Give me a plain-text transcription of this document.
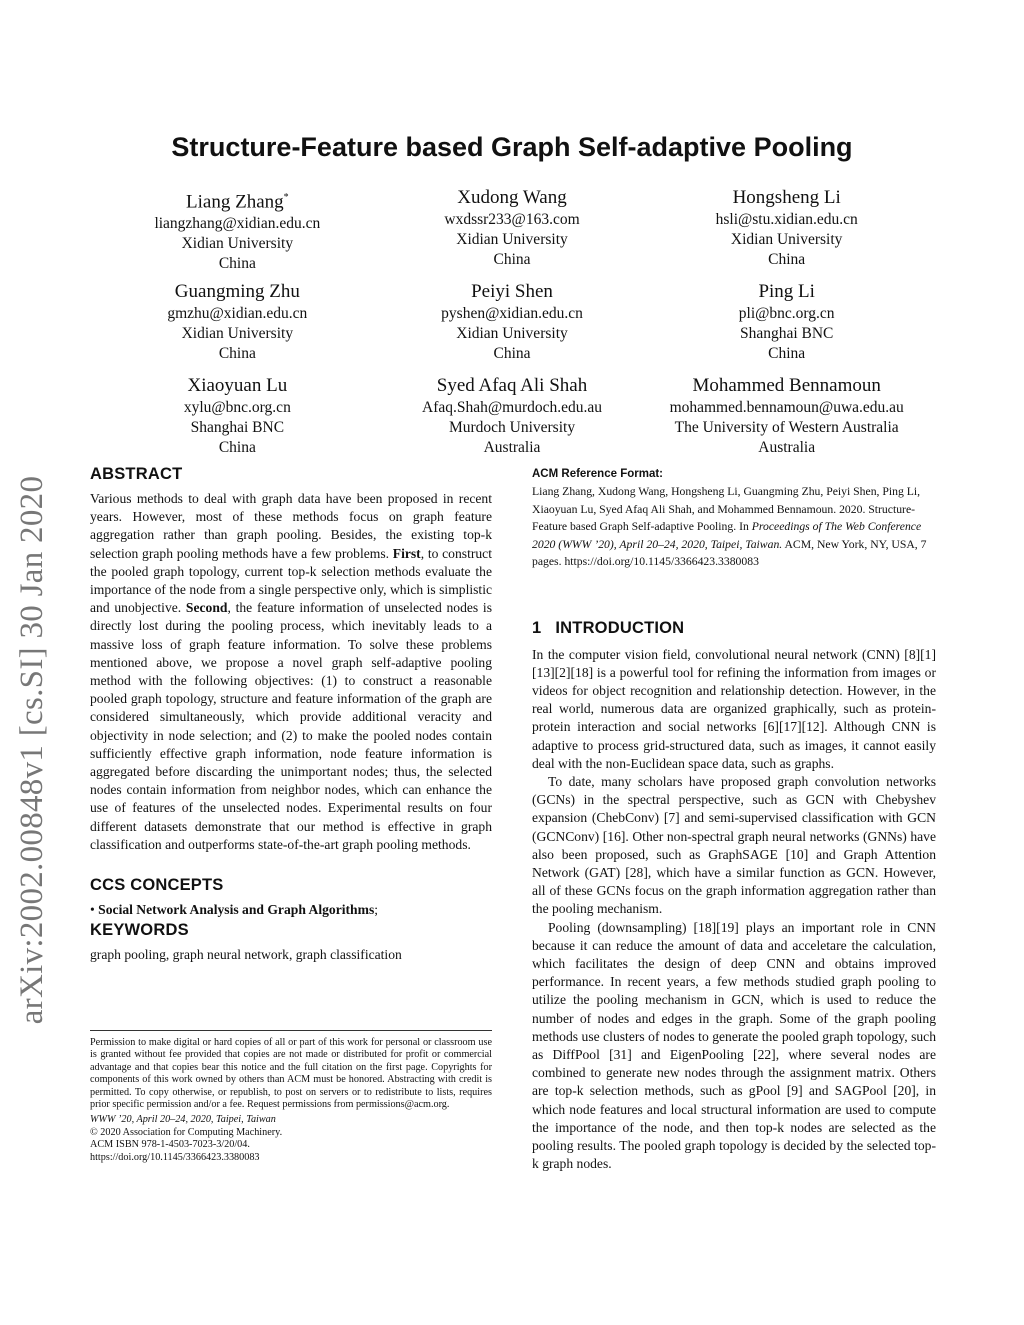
arXiv:2002.00848v1 [cs.SI] 30 Jan 2020
Structure-Feature based Graph Self-adaptive Pooling
Liang Zhang*
liangzhang@xidian.edu.cn
Xidian University
China
Xudong Wang
wxdssr233@163.com
Xidian University
China
Hongsheng Li
hsli@stu.xidian.edu.cn
Xidian University
China
Guangming Zhu
gmzhu@xidian.edu.cn
Xidian University
China
Peiyi Shen
pyshen@xidian.edu.cn
Xidian University
China
Ping Li
pli@bnc.org.cn
Shanghai BNC
China
Xiaoyuan Lu
xylu@bnc.org.cn
Shanghai BNC
China
Syed Afaq Ali Shah
Afaq.Shah@murdoch.edu.au
Murdoch University
Australia
Mohammed Bennamoun
mohammed.bennamoun@uwa.edu.au
The University of Western Australia
Australia
ABSTRACT

Various methods to deal with graph data have been proposed in recent years. However, most of these methods focus on graph feature aggregation rather than graph pooling. Besides, the existing top-k selection graph pooling methods have a few problems. First, to construct the pooled graph topology, current top-k selection methods evaluate the importance of the node from a single perspective only, which is simplistic and unobjective. Second, the feature information of unselected nodes is directly lost during the pooling process, which inevitably leads to a massive loss of graph feature information. To solve these problems mentioned above, we propose a novel graph self-adaptive pooling method with the following objectives: (1) to construct a reasonable pooled graph topology, structure and feature information of the graph are considered simultaneously, which provide additional veracity and objectivity in node selection; and (2) to make the pooled nodes contain sufficiently effective graph information, node feature information is aggregated before discarding the unimportant nodes; thus, the selected nodes contain information from neighbor nodes, which can enhance the use of features of the unselected nodes. Experimental results on four different datasets demonstrate that our method is effective in graph classification and outperforms state-of-the-art graph pooling methods.

CCS CONCEPTS

• Social Network Analysis and Graph Algorithms;

KEYWORDS

graph pooling, graph neural network, graph classification

Permission to make digital or hard copies of all or part of this work for personal or classroom use is granted without fee provided that copies are not made or distributed for profit or commercial advantage and that copies bear this notice and the full citation on the first page. Copyrights for components of this work owned by others than ACM must be honored. Abstracting with credit is permitted. To copy otherwise, or republish, to post on servers or to redistribute to lists, requires prior specific permission and/or a fee. Request permissions from permissions@acm.org.

WWW ’20, April 20–24, 2020, Taipei, Taiwan

© 2020 Association for Computing Machinery.

ACM ISBN 978-1-4503-7023-3/20/04.

https://doi.org/10.1145/3366423.3380083

ACM Reference Format:

Liang Zhang, Xudong Wang, Hongsheng Li, Guangming Zhu, Peiyi Shen, Ping Li, Xiaoyuan Lu, Syed Afaq Ali Shah, and Mohammed Bennamoun. 2020. Structure-Feature based Graph Self-adaptive Pooling. In Proceedings of The Web Conference 2020 (WWW ’20), April 20–24, 2020, Taipei, Taiwan. ACM, New York, NY, USA, 7 pages. https://doi.org/10.1145/3366423.3380083

1 INTRODUCTION

In the computer vision field, convolutional neural network (CNN) [8][1][13][2][18] is a powerful tool for refining the information from images or videos for object recognition and relationship detection. However, in the real world, numerous data are organized graphically, such as protein-protein interaction and social networks [6][17][12]. Although CNN is adaptive to process grid-structured data, such as images, it cannot easily deal with the non-Euclidean space data, such as graphs.

To date, many scholars have proposed graph convolution networks (GCNs) in the spectral perspective, such as GCN with Chebyshev expansion (ChebConv) [7] and semi-supervised classification with GCN (GCNConv) [16]. Other non-spectral graph neural networks (GNNs) have also been proposed, such as GraphSAGE [10] and Graph Attention Network (GAT) [28], which have a similar function as GCN. However, all of these GCNs focus on the graph information aggregation rather than the pooling mechanism.

Pooling (downsampling) [18][19] plays an important role in CNN because it can reduce the amount of data and acceletare the calculation, which facilitates the design of deep CNN and obtains improved performance. In recent years, a few methods studied graph pooling to utilize the pooling mechanism in GCN, which is used to reduce the number of nodes and edges in the graph. Some of the graph pooling methods use clusters of nodes to generate the pooled graph topology, such as DiffPool [31] and EigenPooling [22], where several nodes are combined to generate new nodes through the assignment matrix. Others are top-k selection methods, such as gPool [9] and SAGPool [20], in which node features and local structural information are used to compute the importance of the node, and then top-k nodes are selected as the pooling results. The pooled graph topology is decided by the selected top-k graph nodes.
